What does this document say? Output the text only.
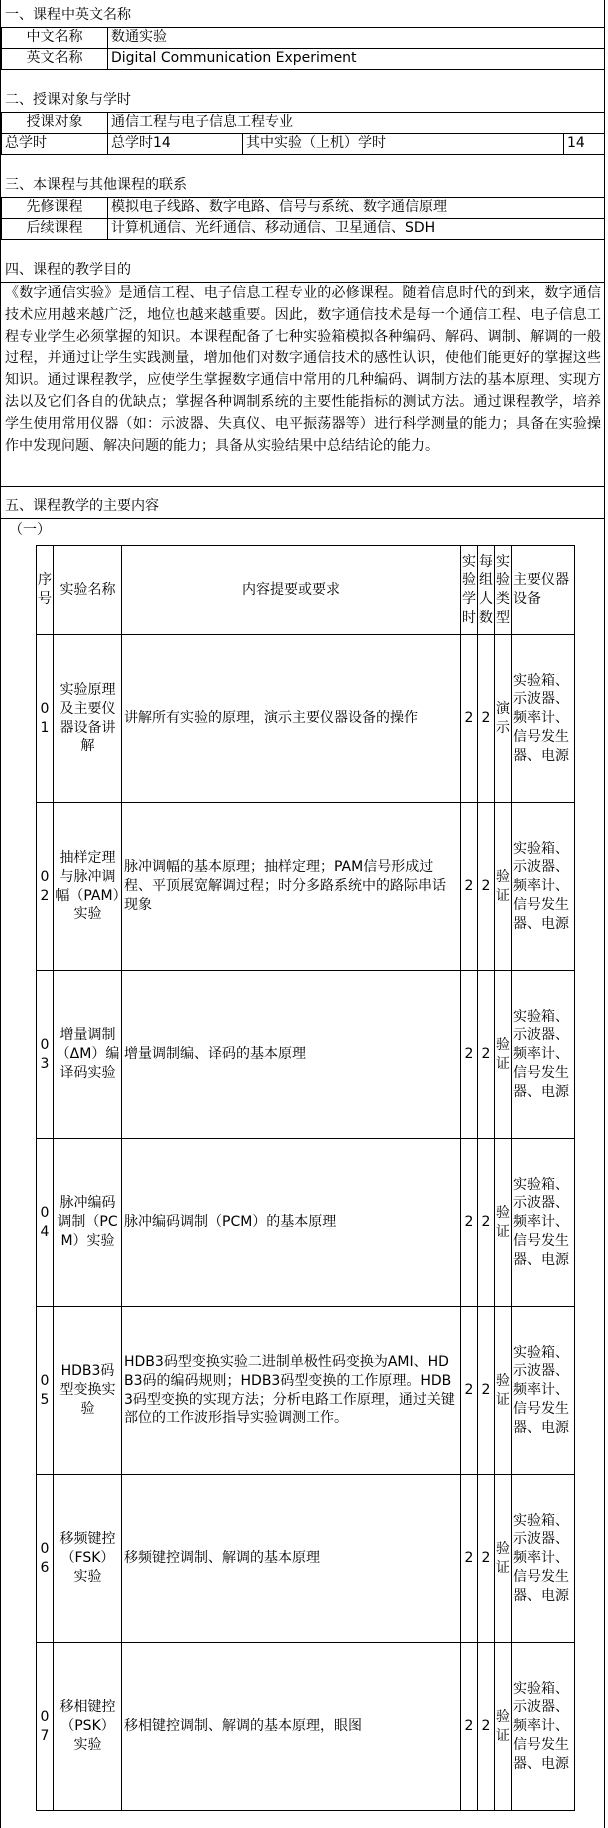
一、课程中英文名称
中文名称	数通实验
英文名称	Digital Communication Experiment
二、授课对象与学时
授课对象	通信工程与电子信息工程专业		
总学时	总学时14	其中实验（上机）学时	14
三、本课程与其他课程的联系
先修课程	模拟电子线路、数字电路、信号与系统、数字通信原理
后续课程	计算机通信、光纤通信、移动通信、卫星通信、SDH
四、课程的教学目的
《数字通信实验》是通信工程、电子信息工程专业的必修课程。随着信息时代的到来，数字通信技术应用越来越广泛，地位也越来越重要。因此，数字通信技术是每一个通信工程、电子信息工程专业学生必须掌握的知识。本课程配备了七种实验箱模拟各种编码、解码、调制、解调的一般过程，并通过让学生实践测量，增加他们对数字通信技术的感性认识，使他们能更好的掌握这些知识。通过课程教学，应使学生掌握数字通信中常用的几种编码、调制方法的基本原理、实现方法以及它们各自的优缺点；掌握各种调制系统的主要性能指标的测试方法。通过课程教学，培养学生使用常用仪器（如：示波器、失真仪、电平振荡器等）进行科学测量的能力；具备在实验操作中发现问题、解决问题的能力；具备从实验结果中总结结论的能力。
五、课程教学的主要内容
（一）
序号	实验名称	内容提要或要求	实验学时	每组人数	实验类型	主要仪器设备
01	实验原理及主要仪器设备讲解	讲解所有实验的原理，演示主要仪器设备的操作	2	2	演示	实验箱、示波器、频率计、信号发生器、电源
02	抽样定理与脉冲调幅（PAM）实验	脉冲调幅的基本原理；抽样定理；PAM信号形成过程、平顶展宽解调过程；时分多路系统中的路际串话现象	2	2	验证	实验箱、示波器、频率计、信号发生器、电源
03	增量调制（ΔM）编译码实验	增量调制编、译码的基本原理	2	2	验证	实验箱、示波器、频率计、信号发生器、电源
04	脉冲编码调制（PCM）实验	脉冲编码调制（PCM）的基本原理	2	2	验证	实验箱、示波器、频率计、信号发生器、电源
05	HDB3码型变换实验	HDB3码型变换实验二进制单极性码变换为AMI、HDB3码的编码规则；HDB3码型变换的工作原理。HDB3码型变换的实现方法；分析电路工作原理，通过关键部位的工作波形指导实验调测工作。	2	2	验证	实验箱、示波器、频率计、信号发生器、电源
06	移频键控（FSK）实验	移频键控调制、解调的基本原理	2	2	验证	实验箱、示波器、频率计、信号发生器、电源
07	移相键控（PSK）实验	移相键控调制、解调的基本原理，眼图	2	2	验证	实验箱、示波器、频率计、信号发生器、电源
